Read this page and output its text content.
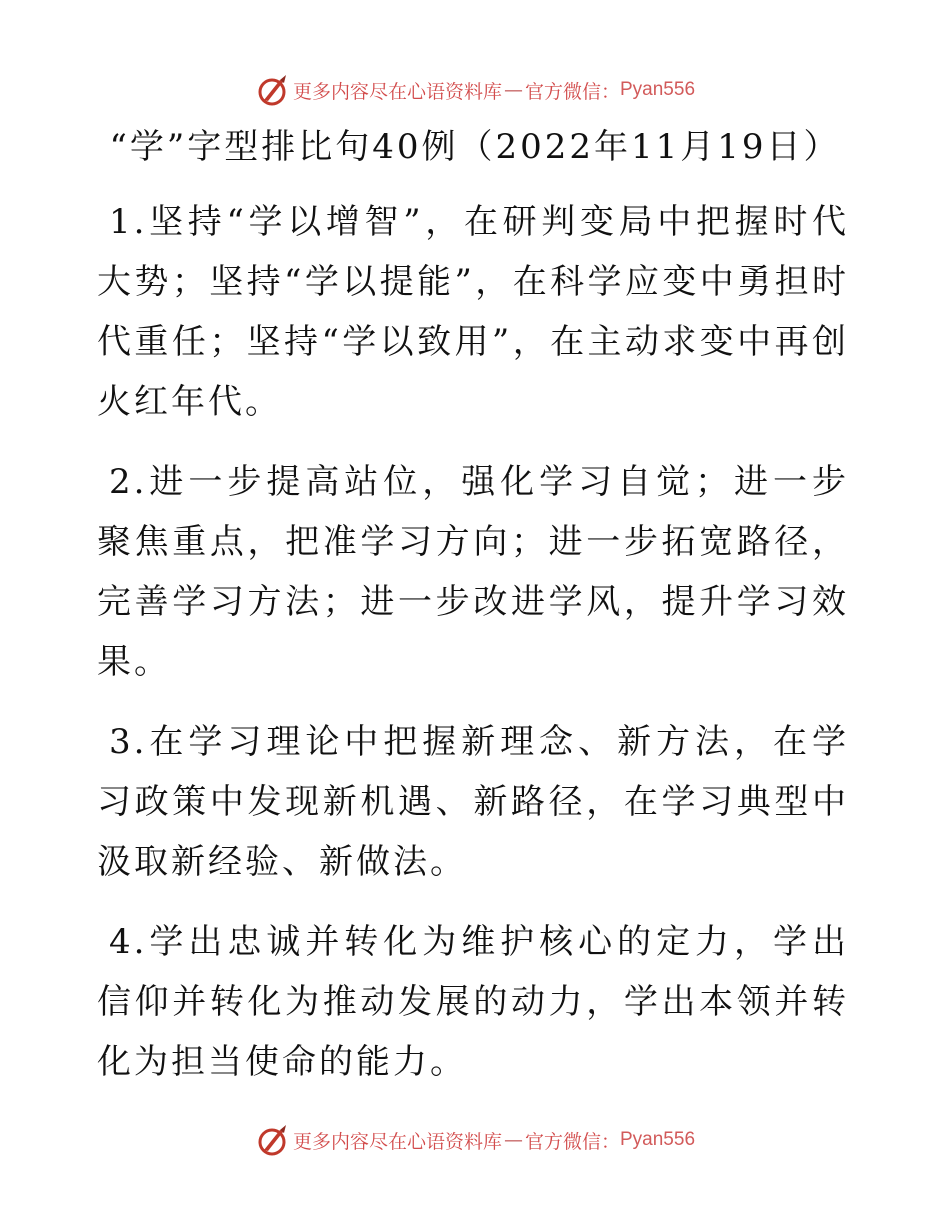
更多内容尽在心语资料库 — 官方微信： Pyan556
“学”字型排比句40例（2022年11月19日）

1.坚持“学以增智”，在研判变局中把握时代大势；坚持“学以提能”，在科学应变中勇担时代重任；坚持“学以致用”，在主动求变中再创火红年代。

2.进一步提高站位，强化学习自觉；进一步聚焦重点，把准学习方向；进一步拓宽路径，完善学习方法；进一步改进学风，提升学习效果。

3.在学习理论中把握新理念、新方法，在学习政策中发现新机遇、新路径，在学习典型中汲取新经验、新做法。

4.学出忠诚并转化为维护核心的定力，学出信仰并转化为推动发展的动力，学出本领并转化为担当使命的能力。

更多内容尽在心语资料库 — 官方微信： Pyan556
